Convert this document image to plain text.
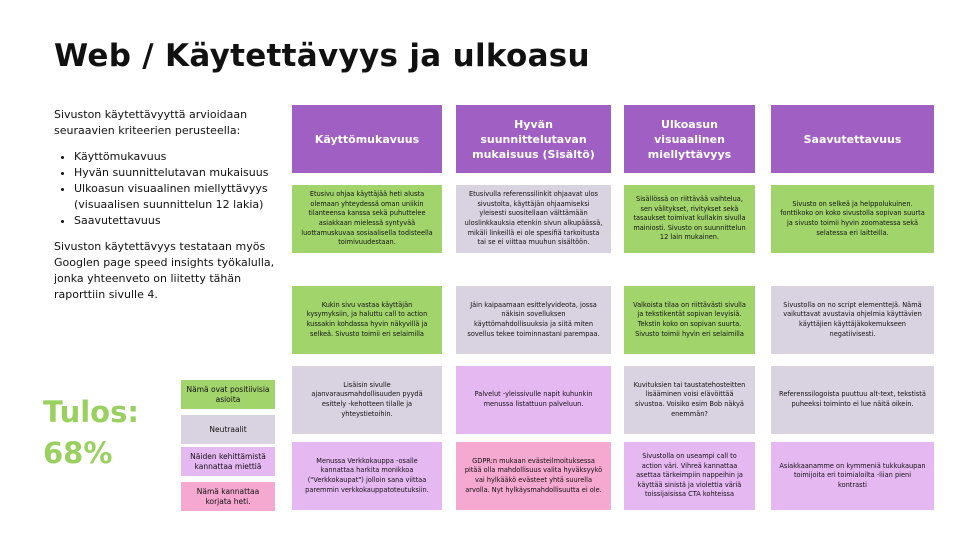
Web / Käytettävyys ja ulkoasu

Sivuston käytettävyyttä arvioidaan seuraavien kriteerien perusteella:

• Käyttömukavuus
• Hyvän suunnittelutavan mukaisuus
• Ulkoasun visuaalinen miellyttävyys (visuaalisen suunnittelun 12 lakia)
• Saavutettavuus

Sivuston käytettävyys testataan myös Googlen page speed insights työkalulla, jonka yhteenveto on liitetty tähän raporttiin sivulle 4.

Tulos:
68%
Nämä ovat positiivisia asioita
Neutraalit
Näiden kehittämistä kannattaa miettiä
Nämä kannattaa korjata heti.
Käyttömukavuus
Hyvän suunnittelutavan mukaisuus (Sisältö)
Ulkoasun visuaalinen miellyttävyys
Saavutettavuus
Etusivu ohjaa käyttäjää heti alusta olemaan yhteydessä oman uniikin tilanteensa kanssa sekä puhuttelee asiakkaan mielessä syntyvää luottamuskuvaa sosiaalisella todisteella toimivuudestaan.
Etusivulla referenssilinkit ohjaavat ulos sivustolta, käyttäjän ohjaamiseksi yleisesti suositellaan välttämään uloslinkkauksia etenkin sivun alkupäässä, mikäli linkeillä ei ole spesifiä tarkoitusta tai se ei viittaa muuhun sisältöön.
Sisällössä on riittävää vaihtelua, sen välitykset, rivitykset sekä tasaukset toimivat kullakin sivulla mainiosti. Sivusto on suunnittelun 12 lain mukainen.
Sivusto on selkeä ja helppolukuinen. fonttikoko on koko sivustolla sopivan suurta ja sivusto toimii hyvin zoomatessa sekä selatessa eri laitteilla.
Kukin sivu vastaa käyttäjän kysymyksiin, ja haluttu call to action kussakin kohdassa hyvin näkyvillä ja selkeä. Sivusto toimii eri selaimilla
Jäin kaipaamaan esittelyvideota, jossa näkisin sovelluksen käyttömahdollisuuksia ja siitä miten sovellus tekee toiminnastani parempaa.
Valkoista tilaa on riittävästi sivulla ja tekstikentät sopivan levyisiä. Tekstin koko on sopivan suurta. Sivusto toimii hyvin eri selaimilla
Sivustolla on no script elementtejä. Nämä vaikuttavat avustavia ohjelmia käyttävien käyttäjien käyttäjäkokemukseen negatiivisesti.
Lisäisin sivulle ajanvarausmahdollisuuden pyydä esittely -kehotteen tilalle ja yhteystietoihin.
Palvelut -yleissivulle napit kuhunkin menussa listattuun palveluun.
Kuvituksien tai taustatehosteitten lisääminen voisi elävöittää sivustoa. Voisiko esim Bob näkyä enemmän?
Referenssilogoista puuttuu alt-text, tekstistä puheeksi toiminto ei lue näitä oikein.
Menussa Verkkokauppa -osalle kannattaa harkita monikkoa ("Verkkokaupat") jolloin sana viittaa paremmin verkkokauppatoteutuksiin.
GDPR:n mukaan evästeilmoituksessa pitää olla mahdollisuus valita hyväksyykö vai hylkääkö evästeet yhtä suurella arvolla. Nyt hylkäysmahdollisuutta ei ole.
Sivustolla on useampi call to action väri. Vihreä kannattaa asettaa tärkeimpiin nappeihin ja käyttää sinistä ja violettia väriä toissijaisissa CTA kohteissa
Asiakkaanamme on kymmeniä tukkukaupan toimijoita eri toimialoilta -liian pieni kontrasti
